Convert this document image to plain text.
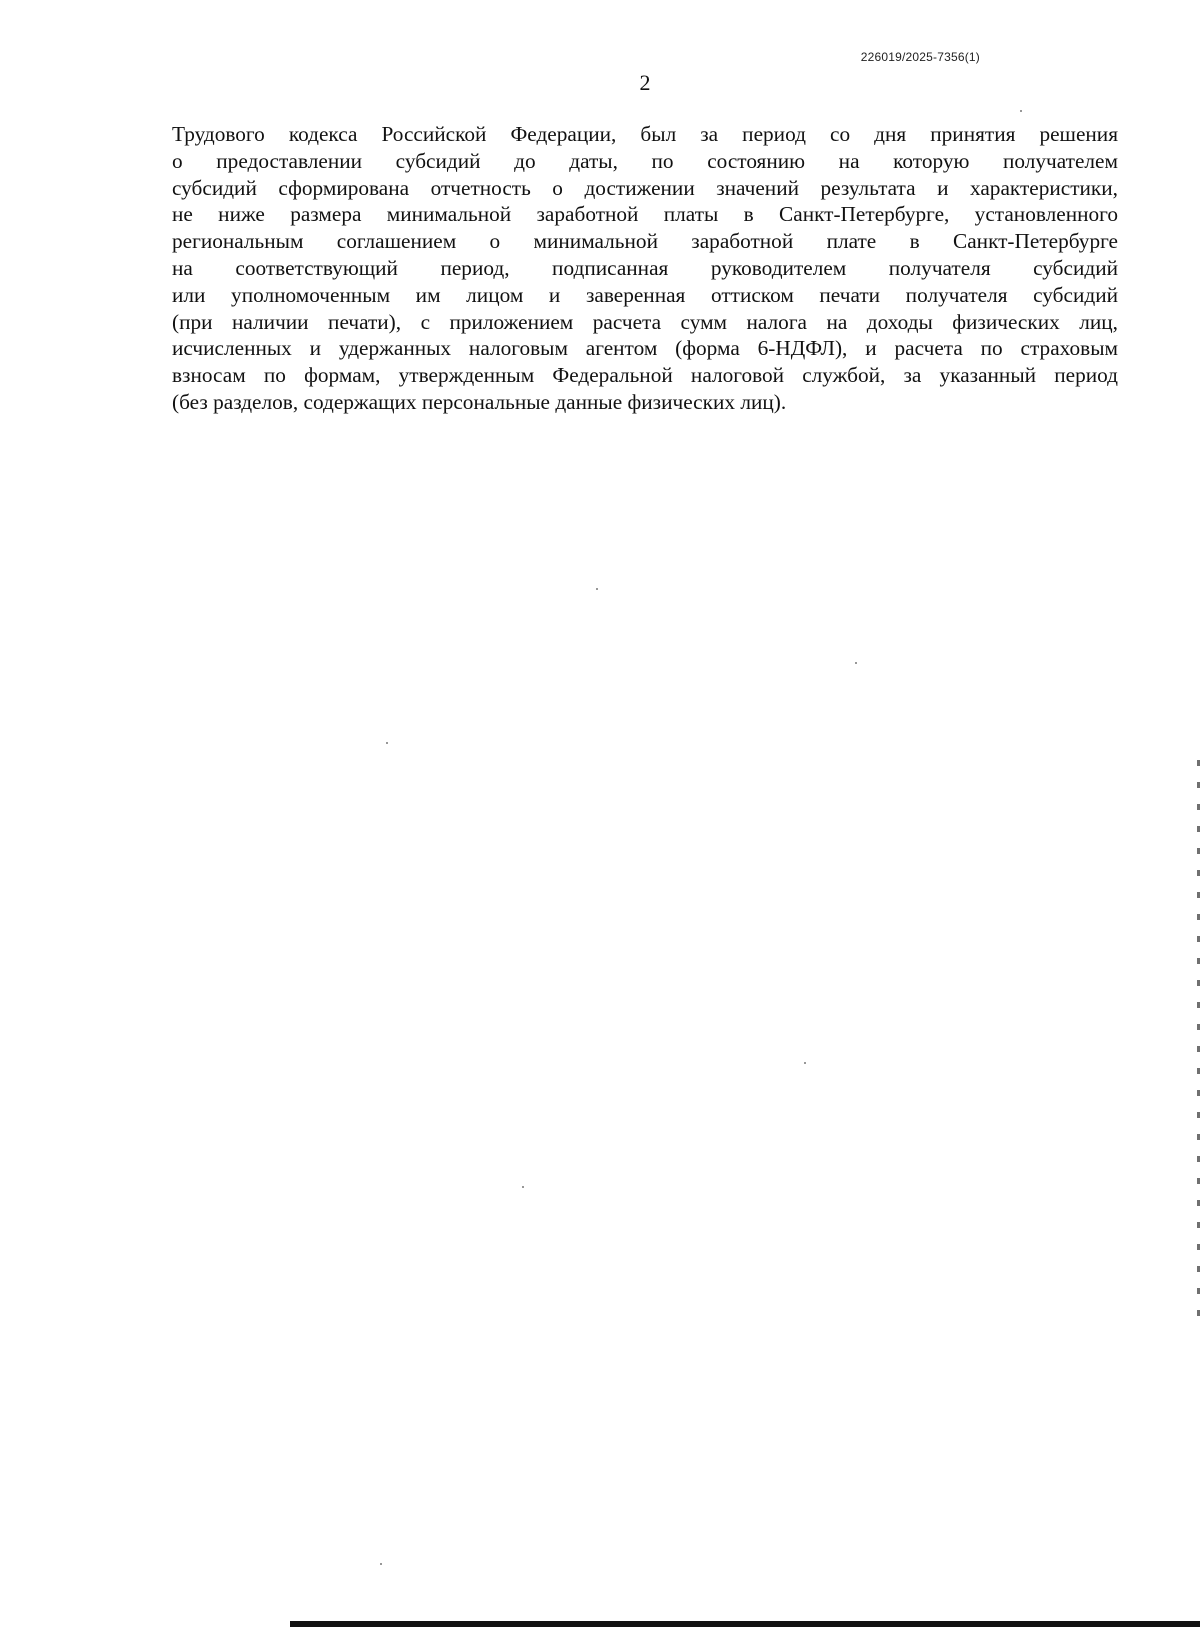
226019/2025-7356(1)
2

Трудового кодекса Российской Федерации, был за период со дня принятия решения
о предоставлении субсидий до даты, по состоянию на которую получателем
субсидий сформирована отчетность о достижении значений результата и характеристики,
не ниже размера минимальной заработной платы в Санкт-Петербурге, установленного
региональным соглашением о минимальной заработной плате в Санкт-Петербурге
на соответствующий период, подписанная руководителем получателя субсидий
или уполномоченным им лицом и заверенная оттиском печати получателя субсидий
(при наличии печати), с приложением расчета сумм налога на доходы физических лиц,
исчисленных и удержанных налоговым агентом (форма 6-НДФЛ), и расчета по страховым
взносам по формам, утвержденным Федеральной налоговой службой, за указанный период
(без разделов, содержащих персональные данные физических лиц).
